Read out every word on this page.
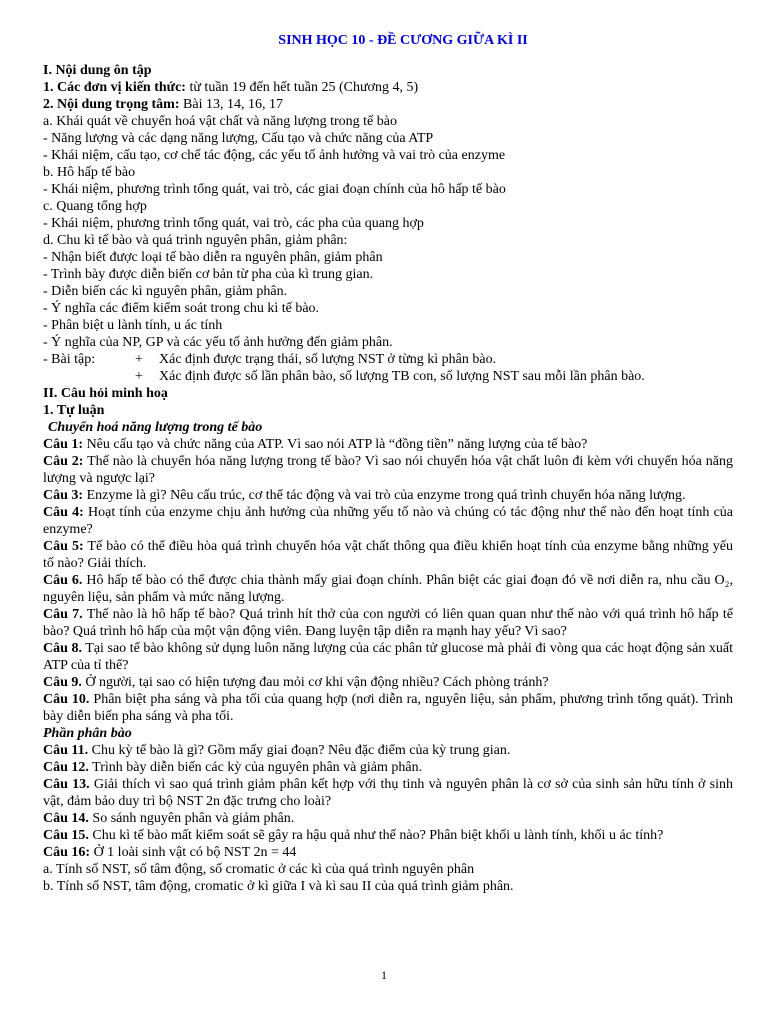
SINH HỌC 10 - ĐỀ CƯƠNG GIỮA KÌ II
I. Nội dung ôn tập
1. Các đơn vị kiến thức: từ tuần 19 đến hết tuần 25 (Chương 4, 5)
2. Nội dung trọng tâm: Bài 13, 14, 16, 17
a. Khái quát về chuyển hoá vật chất và năng lượng trong tế bào
- Năng lượng và các dạng năng lượng, Cấu tạo và chức năng của ATP
- Khái niệm, cấu tạo, cơ chế tác động, các yếu tố ảnh hưởng và vai trò của enzyme
b. Hô hấp tế bào
- Khái niệm, phương trình tổng quát, vai trò, các giai đoạn chính của hô hấp tế bào
c. Quang tổng hợp
- Khái niệm, phương trình tổng quát, vai trò, các pha của quang hợp
d. Chu kì tế bào và quá trình nguyên phân, giảm phân:
- Nhận biết được loại tế bào diễn ra nguyên phân, giảm phân
- Trình bày được diễn biến cơ bản từ pha của kì trung gian.
- Diễn biến các kì nguyên phân, giảm phân.
- Ý nghĩa các điểm kiểm soát trong chu kì tế bào.
- Phân biệt u lành tính, u ác tính
- Ý nghĩa của NP, GP và các yếu tố ảnh hưởng đến giảm phân.
- Bài tập:	+	Xác định được trạng thái, số lượng NST ở từng kì phân bào.
+	Xác định được số lần phân bào, số lượng TB con, số lượng NST sau mỗi lần phân bào.
II. Câu hỏi minh hoạ
1. Tự luận
Chuyển hoá năng lượng trong tế bào
Câu 1: Nêu cấu tạo và chức năng của ATP. Vì sao nói ATP là “đồng tiền” năng lượng của tế bào?
Câu 2: Thế nào là chuyển hóa năng lượng trong tế bào? Vì sao nói chuyển hóa vật chất luôn đi kèm với chuyển hóa năng lượng và ngược lại?
Câu 3: Enzyme là gì? Nêu cấu trúc, cơ thể tác động và vai trò của enzyme trong quá trình chuyển hóa năng lượng.
Câu 4: Hoạt tính của enzyme chịu ảnh hưởng của những yếu tố nào và chúng có tác động như thế nào đến hoạt tính của enzyme?
Câu 5: Tế bào có thể điều hòa quá trình chuyển hóa vật chất thông qua điều khiển hoạt tính của enzyme bằng những yếu tố nào? Giải thích.
Câu 6. Hô hấp tế bào có thể được chia thành mấy giai đoạn chính. Phân biệt các giai đoạn đó về nơi diễn ra, nhu cầu O₂, nguyên liệu, sản phẩm và mức năng lượng.
Câu 7. Thế nào là hô hấp tế bào? Quá trình hít thở của con người có liên quan quan như thế nào với quá trình hô hấp tế bào? Quá trình hô hấp của một vận động viên. Đang luyện tập diễn ra mạnh hay yếu? Vì sao?
Câu 8. Tại sao tế bào không sử dụng luôn năng lượng của các phân tử glucose mà phải đi vòng qua các hoạt động sản xuất ATP của tỉ thể?
Câu 9. Ở người, tại sao có hiện tượng đau mỏi cơ khi vận động nhiều? Cách phòng tránh?
Câu 10. Phân biệt pha sáng và pha tối của quang hợp (nơi diễn ra, nguyên liệu, sản phẩm, phương trình tổng quát). Trình bày diễn biến pha sáng và pha tối.
Phần phân bào
Câu 11. Chu kỳ tế bào là gì? Gồm mấy giai đoạn? Nêu đặc điểm của kỳ trung gian.
Câu 12. Trình bày diễn biến các kỳ của nguyên phân và giảm phân.
Câu 13. Giải thích vì sao quá trình giảm phân kết hợp với thụ tinh và nguyên phân là cơ sở của sinh sản hữu tính ở sinh vật, đảm bảo duy trì bộ NST 2n đặc trưng cho loài?
Câu 14. So sánh nguyên phân và giảm phân.
Câu 15. Chu kì tế bào mất kiểm soát sẽ gây ra hậu quả như thế nào? Phân biệt khối u lành tính, khối u ác tính?
Câu 16: Ở 1 loài sinh vật có bộ NST 2n = 44
a. Tính số NST, số tâm động, số cromatic ở các kì của quá trình nguyên phân
b. Tính số NST, tâm động, cromatic ở kì giữa I và kì sau II của quá trình giảm phân.
1
